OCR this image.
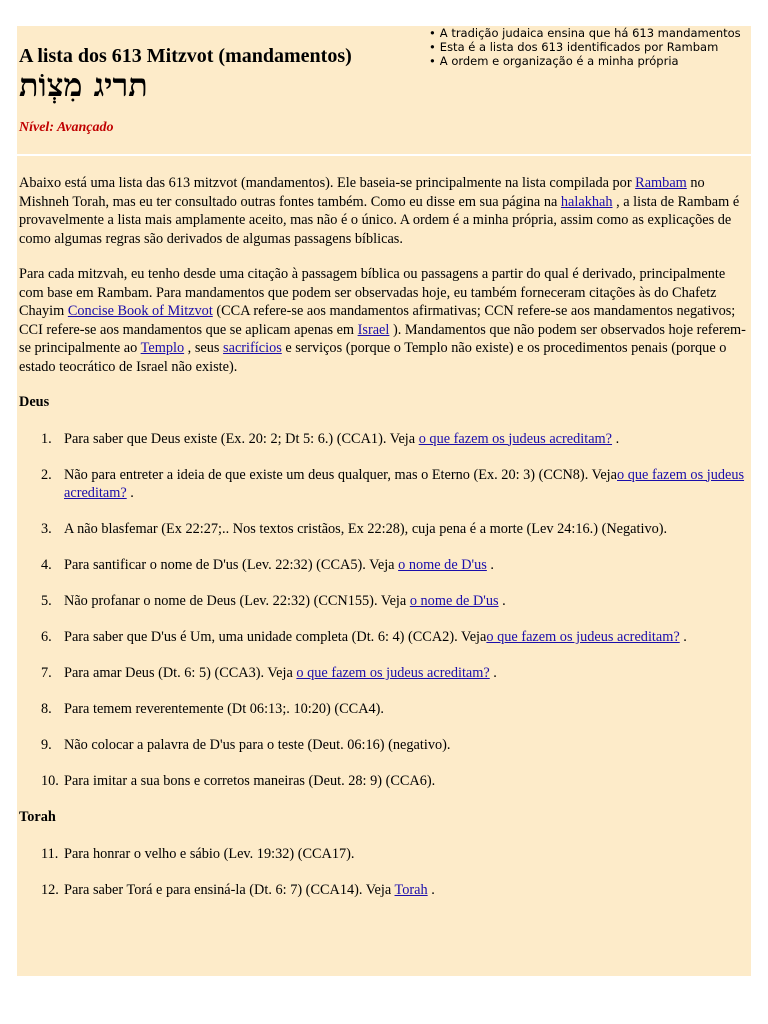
A lista dos 613 Mitzvot (mandamentos)
תריג מִצְוֹת
Nível: Avançado
• A tradição judaica ensina que há 613 mandamentos
• Esta é a lista dos 613 identificados por Rambam
• A ordem e organização é a minha própria

Abaixo está uma lista das 613 mitzvot (mandamentos). Ele baseia-se principalmente na lista compilada por Rambam no Mishneh Torah, mas eu ter consultado outras fontes também. Como eu disse em sua página na halakhah , a lista de Rambam é provavelmente a lista mais amplamente aceito, mas não é o único. A ordem é a minha própria, assim como as explicações de como algumas regras são derivados de algumas passagens bíblicas.

Para cada mitzvah, eu tenho desde uma citação à passagem bíblica ou passagens a partir do qual é derivado, principalmente com base em Rambam. Para mandamentos que podem ser observadas hoje, eu também forneceram citações às do Chafetz Chayim Concise Book of Mitzvot (CCA refere-se aos mandamentos afirmativas; CCN refere-se aos mandamentos negativos; CCI refere-se aos mandamentos que se aplicam apenas em Israel ). Mandamentos que não podem ser observados hoje referem-se principalmente ao Templo , seus sacrifícios e serviços (porque o Templo não existe) e os procedimentos penais (porque o estado teocrático de Israel não existe).

Deus
1. Para saber que Deus existe (Ex. 20: 2; Dt 5: 6.) (CCA1). Veja o que fazem os judeus acreditam? .
2. Não para entreter a ideia de que existe um deus qualquer, mas o Eterno (Ex. 20: 3) (CCN8). Vejao que fazem os judeus acreditam? .
3. A não blasfemar (Ex 22:27;.. Nos textos cristãos, Ex 22:28), cuja pena é a morte (Lev 24:16.) (Negativo).
4. Para santificar o nome de D'us (Lev. 22:32) (CCA5). Veja o nome de D'us .
5. Não profanar o nome de Deus (Lev. 22:32) (CCN155). Veja o nome de D'us .
6. Para saber que D'us é Um, uma unidade completa (Dt. 6: 4) (CCA2). Vejao que fazem os judeus acreditam? .
7. Para amar Deus (Dt. 6: 5) (CCA3). Veja o que fazem os judeus acreditam? .
8. Para temem reverentemente (Dt 06:13;. 10:20) (CCA4).
9. Não colocar a palavra de D'us para o teste (Deut. 06:16) (negativo).
10. Para imitar a sua bons e corretos maneiras (Deut. 28: 9) (CCA6).
Torah
11. Para honrar o velho e sábio (Lev. 19:32) (CCA17).
12. Para saber Torá e para ensiná-la (Dt. 6: 7) (CCA14). Veja Torah .
